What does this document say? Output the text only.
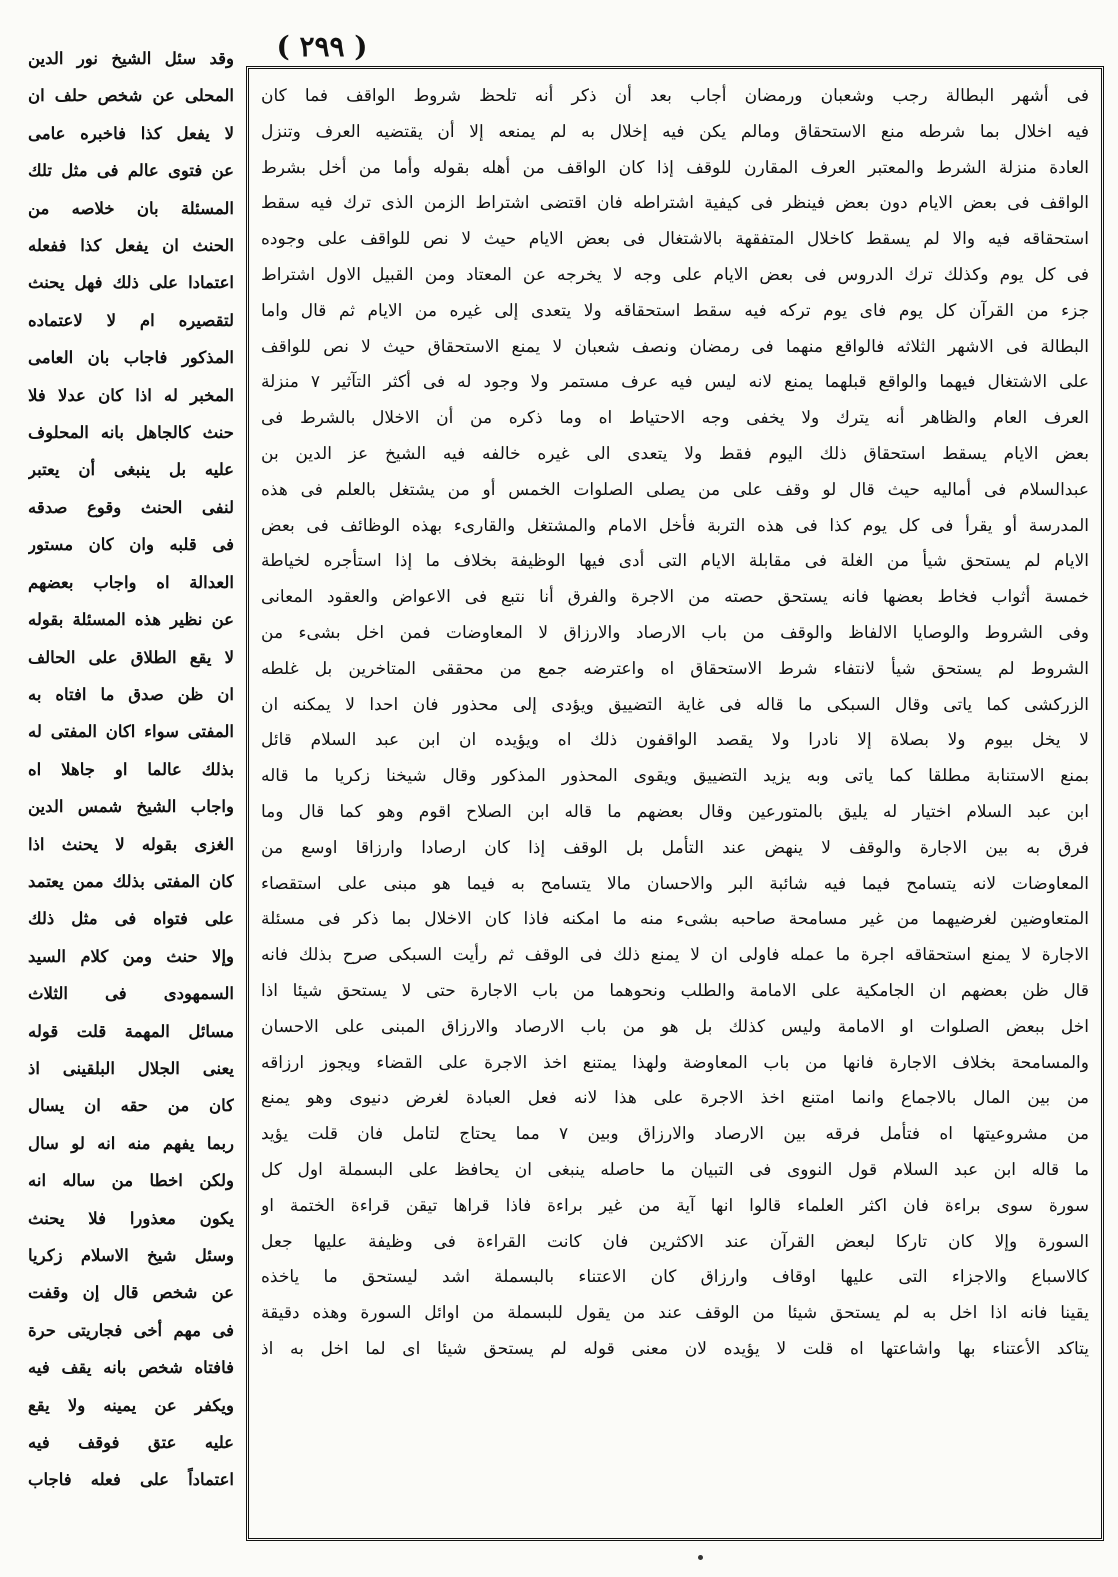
( ٢٩٩ )
وقد سئل الشيخ نور الدين
المحلى عن شخص حلف ان
لا يفعل كذا فاخبره عامى
عن فتوى عالم فى مثل تلك
المسئلة بان خلاصه من
الحنث ان يفعل كذا ففعله
اعتمادا على ذلك فهل يحنث
لتقصيره ام لا لاعتماده
المذكور فاجاب بان العامى
المخبر له اذا كان عدلا فلا
حنث كالجاهل بانه المحلوف
عليه بل ينبغى أن يعتبر
لنفى الحنث وقوع صدقه
فى قلبه وان كان مستور
العدالة اه واجاب بعضهم
عن نظير هذه المسئلة بقوله
لا يقع الطلاق على الحالف
ان ظن صدق ما افتاه به
المفتى سواء اكان المفتى له
بذلك عالما او جاهلا اه
واجاب الشيخ شمس الدين
الغزى بقوله لا يحنث اذا
كان المفتى بذلك ممن يعتمد
على فتواه فى مثل ذلك
وإلا حنث ومن كلام السيد
السمهودى فى الثلاث
مسائل المهمة قلت قوله
يعنى الجلال البلقينى اذ
كان من حقه ان يسال
ربما يفهم منه انه لو سال
ولكن اخطا من ساله انه
يكون معذورا فلا يحنث
وسئل شيخ الاسلام زكريا
عن شخص قال إن وقفت
فى مهم أخى فجاريتى حرة
فافتاه شخص بانه يقف فيه
ويكفر عن يمينه ولا يقع
عليه عتق فوقف فيه
اعتماداً على فعله فاجاب
فى أشهر البطالة رجب وشعبان ورمضان أجاب بعد أن ذكر أنه تلحظ شروط الواقف فما كان
فيه اخلال بما شرطه منع الاستحقاق ومالم يكن فيه إخلال به لم يمنعه إلا أن يقتضيه العرف وتنزل
العادة منزلة الشرط والمعتبر العرف المقارن للوقف إذا كان الواقف من أهله بقوله وأما من أخل بشرط
الواقف فى بعض الايام دون بعض فينظر فى كيفية اشتراطه فان اقتضى اشتراط الزمن الذى ترك فيه سقط
استحقاقه فيه والا لم يسقط كاخلال المتفقهة بالاشتغال فى بعض الايام حيث لا نص للواقف على وجوده
فى كل يوم وكذلك ترك الدروس فى بعض الايام على وجه لا يخرجه عن المعتاد ومن القبيل الاول اشتراط
جزء من القرآن كل يوم فاى يوم تركه فيه سقط استحقاقه ولا يتعدى إلى غيره من الايام ثم قال واما
البطالة فى الاشهر الثلاثه فالواقع منهما فى رمضان ونصف شعبان لا يمنع الاستحقاق حيث لا نص للواقف
على الاشتغال فيهما والواقع قبلهما يمنع لانه ليس فيه عرف مستمر ولا وجود له فى أكثر التآثير ٧ منزلة
العرف العام والظاهر أنه يترك ولا يخفى وجه الاحتياط اه وما ذكره من أن الاخلال بالشرط فى
بعض الايام يسقط استحقاق ذلك اليوم فقط ولا يتعدى الى غيره خالفه فيه الشيخ عز الدين بن
عبدالسلام فى أماليه حيث قال لو وقف على من يصلى الصلوات الخمس أو من يشتغل بالعلم فى هذه
المدرسة أو يقرأ فى كل يوم كذا فى هذه التربة فأخل الامام والمشتغل والقارىء بهذه الوظائف فى بعض
الايام لم يستحق شيأ من الغلة فى مقابلة الايام التى أدى فيها الوظيفة بخلاف ما إذا استأجره لخياطة
خمسة أثواب فخاط بعضها فانه يستحق حصته من الاجرة والفرق أنا نتبع فى الاعواض والعقود المعانى
وفى الشروط والوصايا الالفاظ والوقف من باب الارصاد والارزاق لا المعاوضات فمن اخل بشىء من
الشروط لم يستحق شيأ لانتفاء شرط الاستحقاق اه واعترضه جمع من محققى المتاخرين بل غلطه
الزركشى كما ياتى وقال السبكى ما قاله فى غاية التضييق ويؤدى إلى محذور فان احدا لا يمكنه ان
لا يخل بيوم ولا بصلاة إلا نادرا ولا يقصد الواقفون ذلك اه ويؤيده ان ابن عبد السلام قائل
بمنع الاستنابة مطلقا كما ياتى وبه يزيد التضييق ويقوى المحذور المذكور وقال شيخنا زكريا ما قاله
ابن عبد السلام اختيار له يليق بالمتورعين وقال بعضهم ما قاله ابن الصلاح اقوم وهو كما قال وما
فرق به بين الاجارة والوقف لا ينهض عند التأمل بل الوقف إذا كان ارصادا وارزاقا اوسع من
المعاوضات لانه يتسامح فيما فيه شائبة البر والاحسان مالا يتسامح به فيما هو مبنى على استقصاء
المتعاوضين لغرضيهما من غير مسامحة صاحبه بشىء منه ما امكنه فاذا كان الاخلال بما ذكر فى مسئلة
الاجارة لا يمنع استحقاقه اجرة ما عمله فاولى ان لا يمنع ذلك فى الوقف ثم رأيت السبكى صرح بذلك فانه
قال ظن بعضهم ان الجامكية على الامامة والطلب ونحوهما من باب الاجارة حتى لا يستحق شيئا اذا
اخل ببعض الصلوات او الامامة وليس كذلك بل هو من باب الارصاد والارزاق المبنى على الاحسان
والمسامحة بخلاف الاجارة فانها من باب المعاوضة ولهذا يمتنع اخذ الاجرة على القضاء ويجوز ارزاقه
من بين المال بالاجماع وانما امتنع اخذ الاجرة على هذا لانه فعل العبادة لغرض دنيوى وهو يمنع
من مشروعيتها اه فتأمل فرقه بين الارصاد والارزاق وبين ٧ مما يحتاج لتامل فان قلت يؤيد
ما قاله ابن عبد السلام قول النووى فى التبيان ما حاصله ينبغى ان يحافظ على البسملة اول كل
سورة سوى براءة فان اكثر العلماء قالوا انها آية من غير براءة فاذا قراها تيقن قراءة الختمة او
السورة وإلا كان تاركا لبعض القرآن عند الاكثرين فان كانت القراءة فى وظيفة عليها جعل
كالاسباع والاجزاء التى عليها اوقاف وارزاق كان الاعتناء بالبسملة اشد ليستحق ما ياخذه
يقينا فانه اذا اخل به لم يستحق شيئا من الوقف عند من يقول للبسملة من اوائل السورة وهذه دقيقة
يتاكد الأعتناء بها واشاعتها اه قلت لا يؤيده لان معنى قوله لم يستحق شيئا اى لما اخل به اذ
